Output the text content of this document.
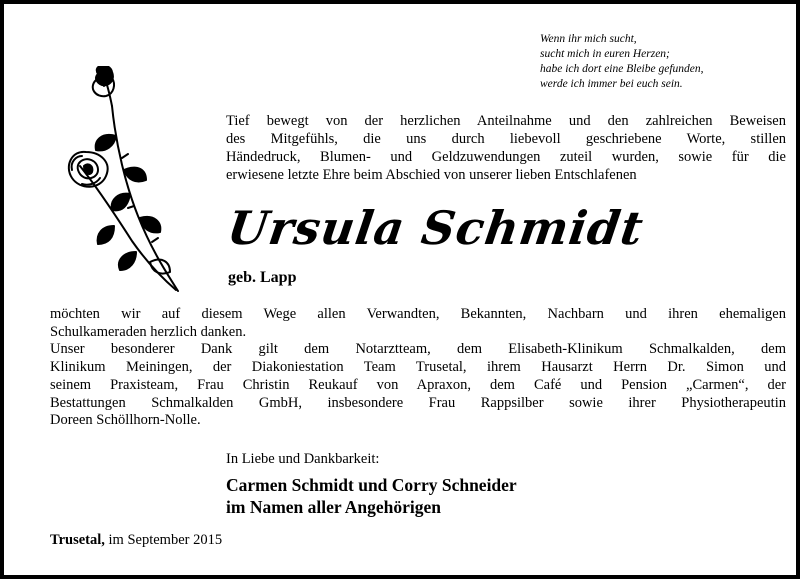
Wenn ihr mich sucht,
sucht mich in euren Herzen;
habe ich dort eine Bleibe gefunden,
werde ich immer bei euch sein.
Tief bewegt von der herzlichen Anteilnahme und den zahlreichen Beweisen
des Mitgefühls, die uns durch liebevoll geschriebene Worte, stillen
Händedruck, Blumen- und Geldzuwendungen zuteil wurden, sowie für die
erwiesene letzte Ehre beim Abschied von unserer lieben Entschlafenen
Ursula Schmidt
geb. Lapp
möchten wir auf diesem Wege allen Verwandten, Bekannten, Nachbarn und ihren ehemaligen
Schulkameraden herzlich danken.
Unser besonderer Dank gilt dem Notarztteam, dem Elisabeth-Klinikum Schmalkalden, dem
Klinikum Meiningen, der Diakoniestation Team Trusetal, ihrem Hausarzt Herrn Dr. Simon und
seinem Praxisteam, Frau Christin Reukauf von Apraxon, dem Café und Pension „Carmen“, der
Bestattungen Schmalkalden GmbH, insbesondere Frau Rappsilber sowie ihrer Physiotherapeutin
Doreen Schöllhorn-Nolle.
In Liebe und Dankbarkeit:
Carmen Schmidt und Corry Schneider
im Namen aller Angehörigen
Trusetal, im September 2015
